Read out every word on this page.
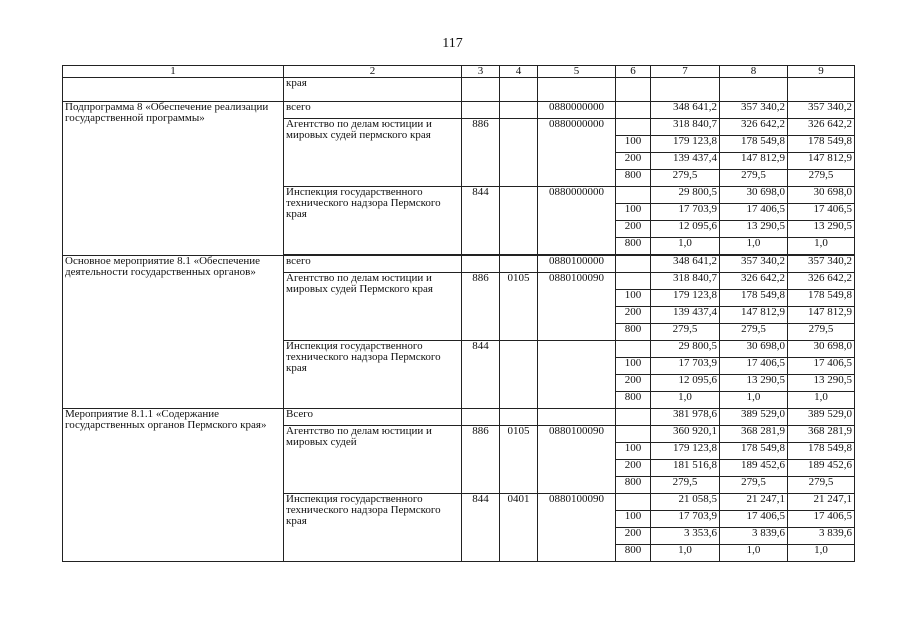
117
1	2	3	4	5	6	7	8	9
	края							
Подпрограмма 8 «Обеспечение реализации государственной программы»	всего			0880000000		348 641,2	357 340,2	357 340,2
	Агентство по делам юстиции и мировых судей пермского края	886		0880000000		318 840,7	326 642,2	326 642,2
					100	179 123,8	178 549,8	178 549,8
					200	139 437,4	147 812,9	147 812,9
					800	279,5	279,5	279,5
	Инспекция государственного технического надзора Пермского края	844		0880000000		29 800,5	30 698,0	30 698,0
					100	17 703,9	17 406,5	17 406,5
					200	12 095,6	13 290,5	13 290,5
					800	1,0	1,0	1,0

Основное мероприятие 8.1 «Обеспечение деятельности государственных органов»	всего			0880100000		348 641,2	357 340,2	357 340,2
	Агентство по делам юстиции и мировых судей Пермского края	886	0105	0880100090		318 840,7	326 642,2	326 642,2
					100	179 123,8	178 549,8	178 549,8
					200	139 437,4	147 812,9	147 812,9
					800	279,5	279,5	279,5
	Инспекция государственного технического надзора Пермского края	844				29 800,5	30 698,0	30 698,0
					100	17 703,9	17 406,5	17 406,5
					200	12 095,6	13 290,5	13 290,5
					800	1,0	1,0	1,0
Мероприятие 8.1.1 «Содержание государственных органов Пермского края»	Всего					381 978,6	389 529,0	389 529,0
	Агентство по делам юстиции и мировых судей	886	0105	0880100090		360 920,1	368 281,9	368 281,9
					100	179 123,8	178 549,8	178 549,8
					200	181 516,8	189 452,6	189 452,6
					800	279,5	279,5	279,5
	Инспекция государственного технического надзора Пермского края	844	0401	0880100090		21 058,5	21 247,1	21 247,1
					100	17 703,9	17 406,5	17 406,5
					200	3 353,6	3 839,6	3 839,6
					800	1,0	1,0	1,0
